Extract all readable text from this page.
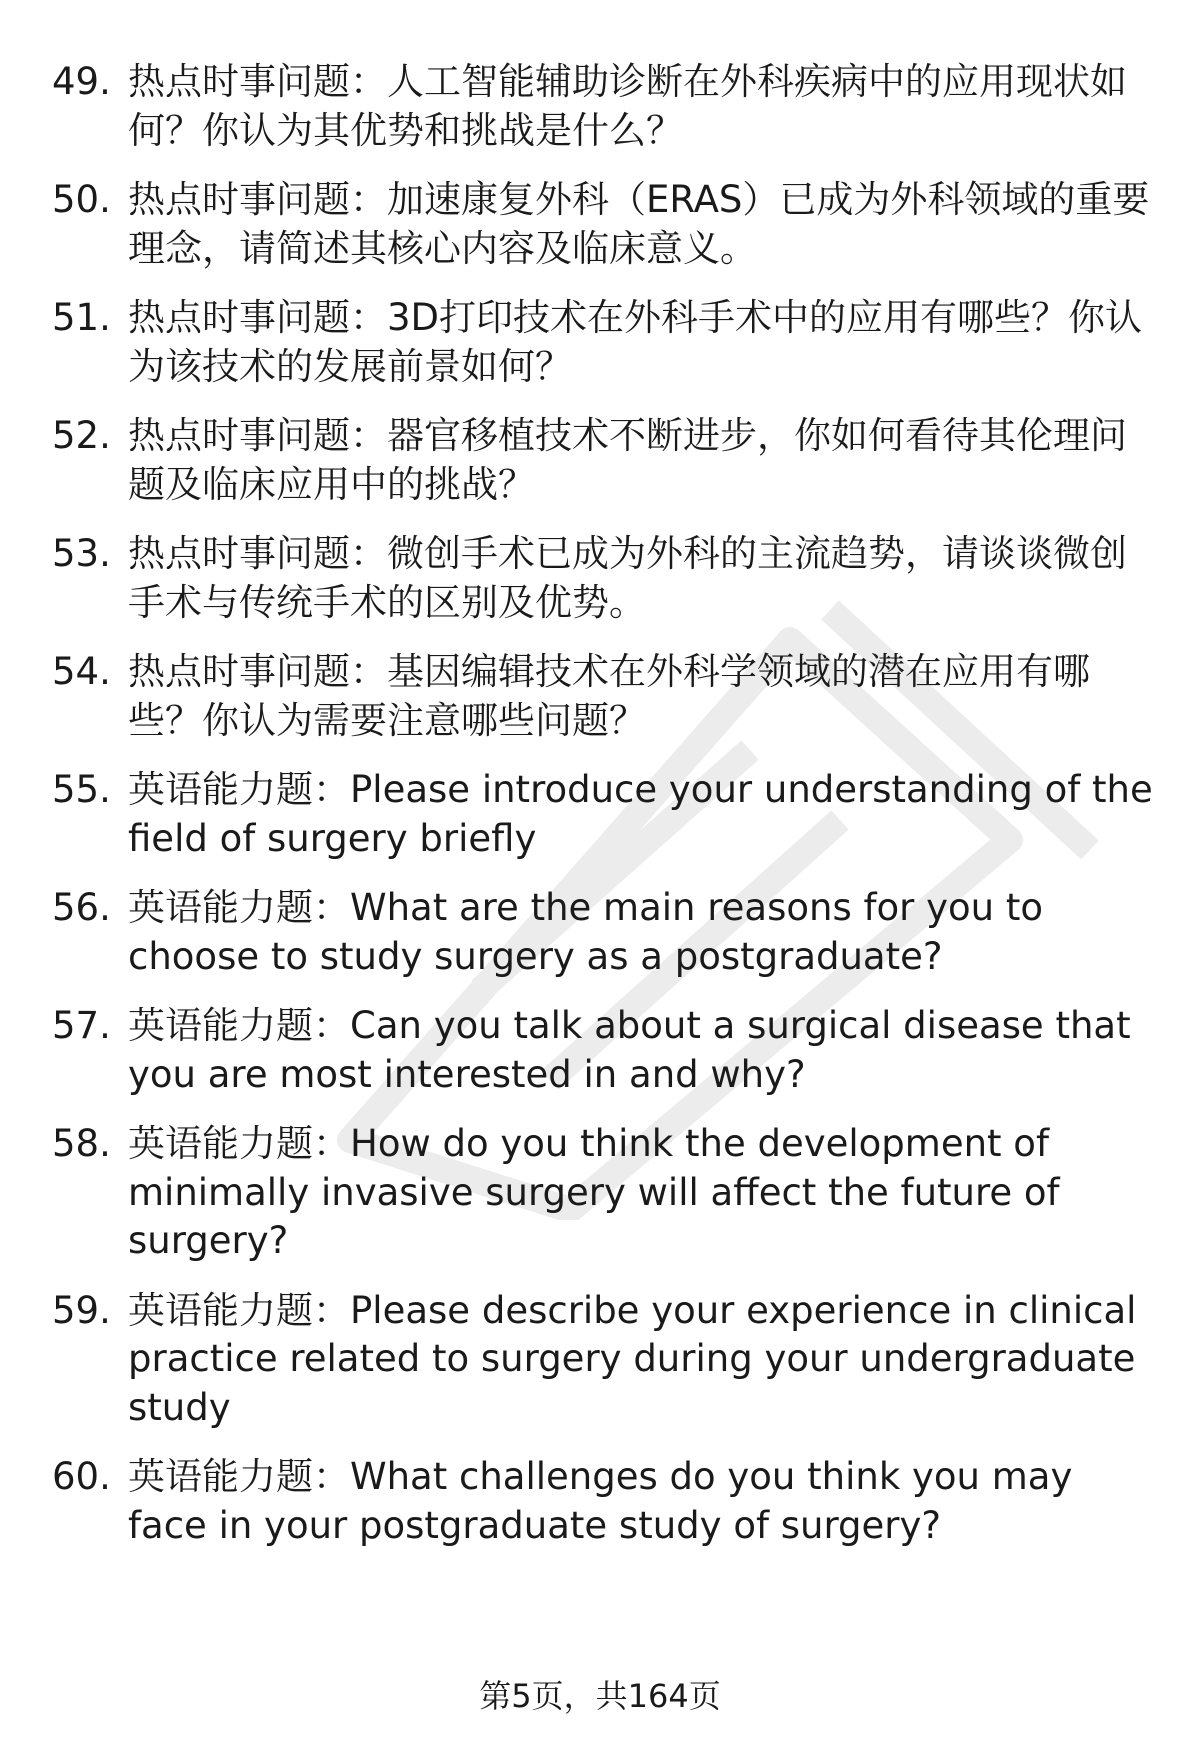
49. 热点时事问题：人工智能辅助诊断在外科疾病中的应用现状如何？你认为其优势和挑战是什么？
50. 热点时事问题：加速康复外科（ERAS）已成为外科领域的重要理念，请简述其核心内容及临床意义。
51. 热点时事问题：3D打印技术在外科手术中的应用有哪些？你认为该技术的发展前景如何？
52. 热点时事问题：器官移植技术不断进步，你如何看待其伦理问题及临床应用中的挑战？
53. 热点时事问题：微创手术已成为外科的主流趋势，请谈谈微创手术与传统手术的区别及优势。
54. 热点时事问题：基因编辑技术在外科学领域的潜在应用有哪些？你认为需要注意哪些问题？
55. 英语能力题：Please introduce your understanding of the field of surgery briefly
56. 英语能力题：What are the main reasons for you to choose to study surgery as a postgraduate?
57. 英语能力题：Can you talk about a surgical disease that you are most interested in and why?
58. 英语能力题：How do you think the development of minimally invasive surgery will affect the future of surgery?
59. 英语能力题：Please describe your experience in clinical practice related to surgery during your undergraduate study
60. 英语能力题：What challenges do you think you may face in your postgraduate study of surgery?
第5页，共164页
